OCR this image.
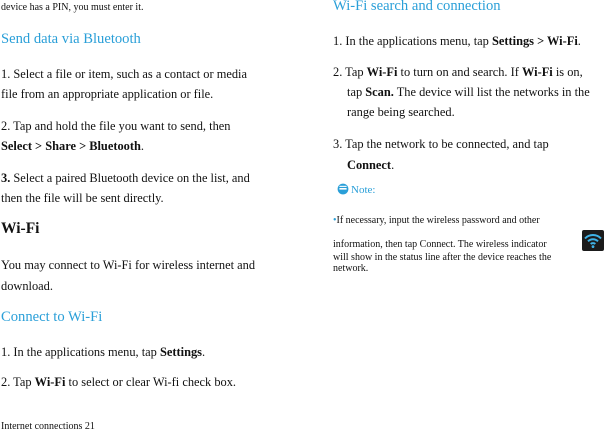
device has a PIN, you must enter it.
Send data via Bluetooth
1. Select a file or item, such as a contact or media
file from an appropriate application or file.
2. Tap and hold the file you want to send, then
Select > Share > Bluetooth.
3. Select a paired Bluetooth device on the list, and
then the file will be sent directly.
Wi-Fi
You may connect to Wi-Fi for wireless internet and
download.
Connect to Wi-Fi
1. In the applications menu, tap Settings.
2. Tap Wi-Fi to select or clear Wi-fi check box.
Internet connections 21
Wi-Fi search and connection
1. In the applications menu, tap Settings > Wi-Fi.
2. Tap Wi-Fi to turn on and search. If Wi-Fi is on,
tap Scan. The device will list the networks in the
range being searched.
3. Tap the network to be connected, and tap
Connect.
Note:
•If necessary, input the wireless password and other
information, then tap Connect. The wireless indicator
will show in the status line after the device reaches the
network.
